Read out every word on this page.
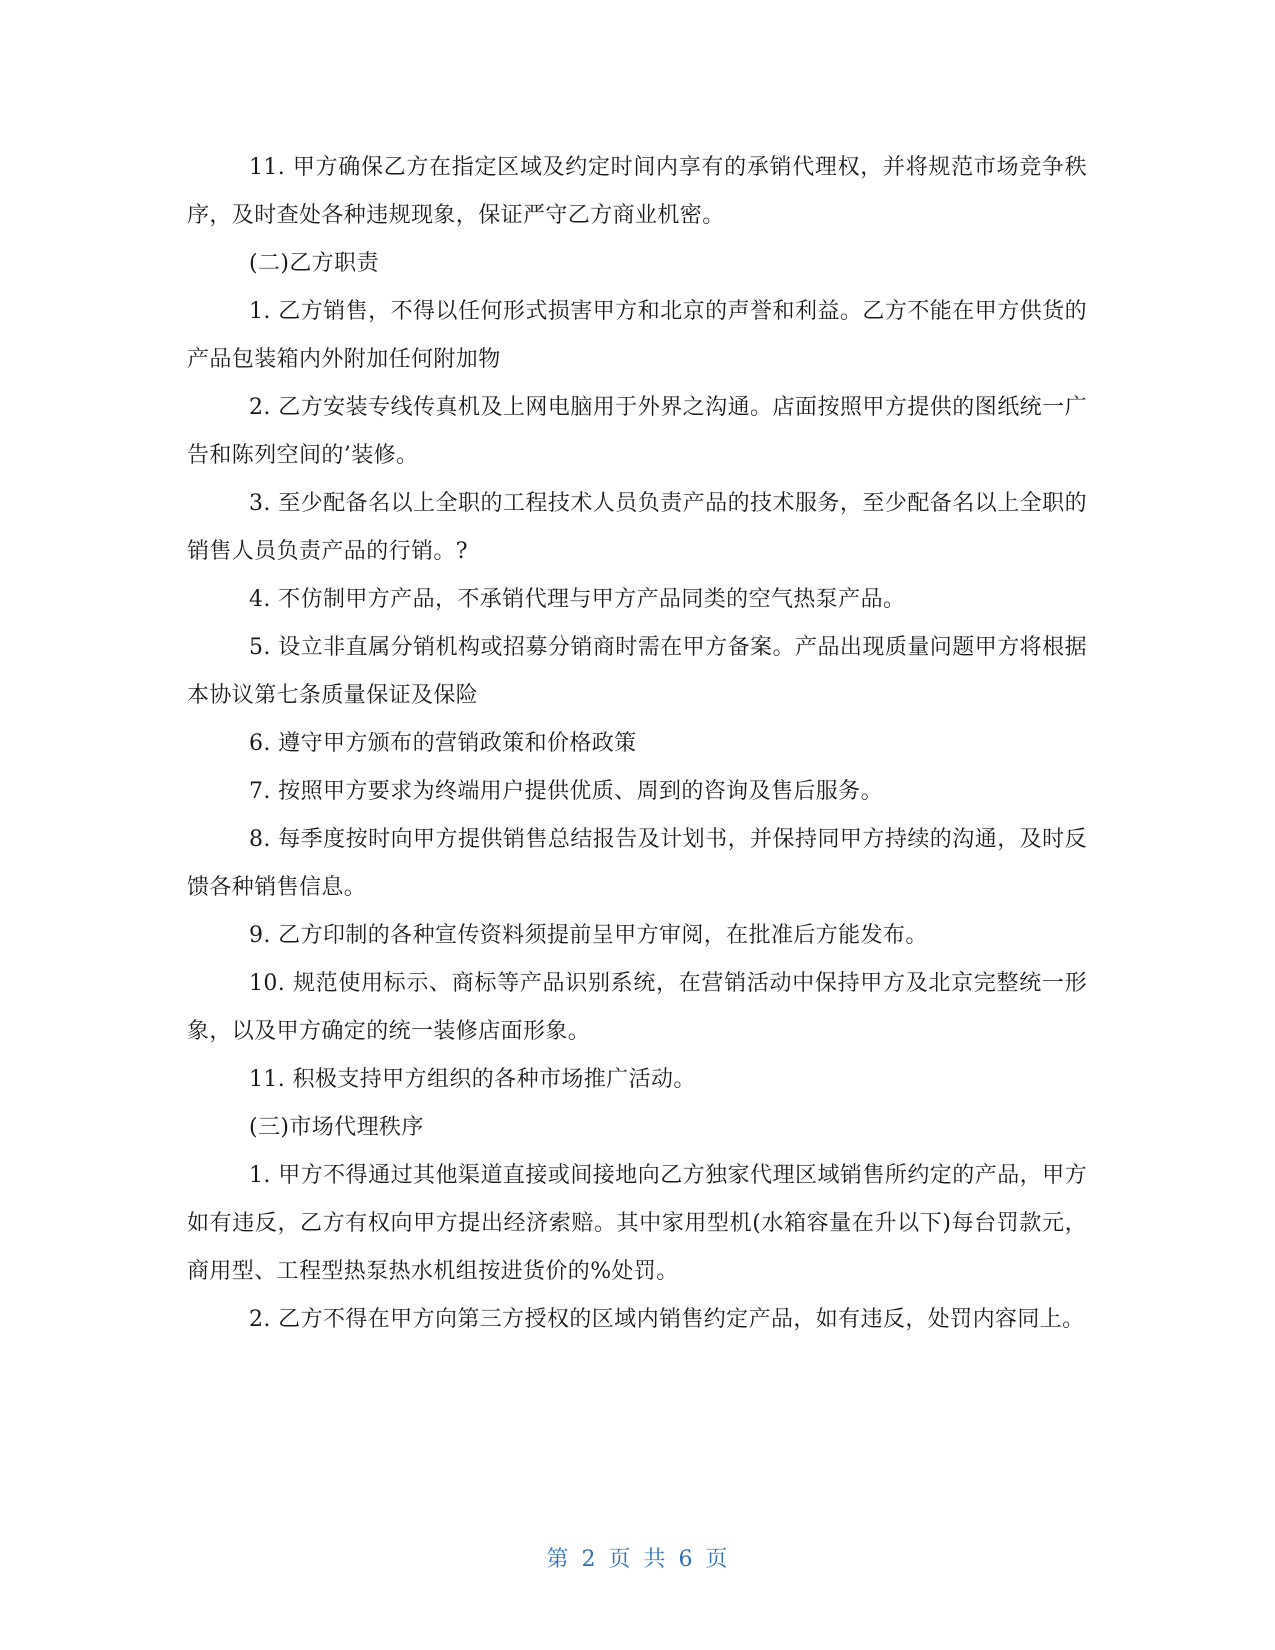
11. 甲方确保乙方在指定区域及约定时间内享有的承销代理权，并将规范市场竞争秩序，及时查处各种违规现象，保证严守乙方商业机密。

(二)乙方职责

1. 乙方销售，不得以任何形式损害甲方和北京的声誉和利益。乙方不能在甲方供货的产品包装箱内外附加任何附加物

2. 乙方安装专线传真机及上网电脑用于外界之沟通。店面按照甲方提供的图纸统一广告和陈列空间的’装修。

3. 至少配备名以上全职的工程技术人员负责产品的技术服务，至少配备名以上全职的销售人员负责产品的行销。?

4. 不仿制甲方产品，不承销代理与甲方产品同类的空气热泵产品。

5. 设立非直属分销机构或招募分销商时需在甲方备案。产品出现质量问题甲方将根据本协议第七条质量保证及保险

6. 遵守甲方颁布的营销政策和价格政策

7. 按照甲方要求为终端用户提供优质、周到的咨询及售后服务。

8. 每季度按时向甲方提供销售总结报告及计划书，并保持同甲方持续的沟通，及时反馈各种销售信息。

9. 乙方印制的各种宣传资料须提前呈甲方审阅，在批准后方能发布。

10. 规范使用标示、商标等产品识别系统，在营销活动中保持甲方及北京完整统一形象，以及甲方确定的统一装修店面形象。

11. 积极支持甲方组织的各种市场推广活动。

(三)市场代理秩序

1. 甲方不得通过其他渠道直接或间接地向乙方独家代理区域销售所约定的产品，甲方如有违反，乙方有权向甲方提出经济索赔。其中家用型机(水箱容量在升以下)每台罚款元，商用型、工程型热泵热水机组按进货价的%处罚。

2. 乙方不得在甲方向第三方授权的区域内销售约定产品，如有违反，处罚内容同上。

第 2 页 共 6 页
